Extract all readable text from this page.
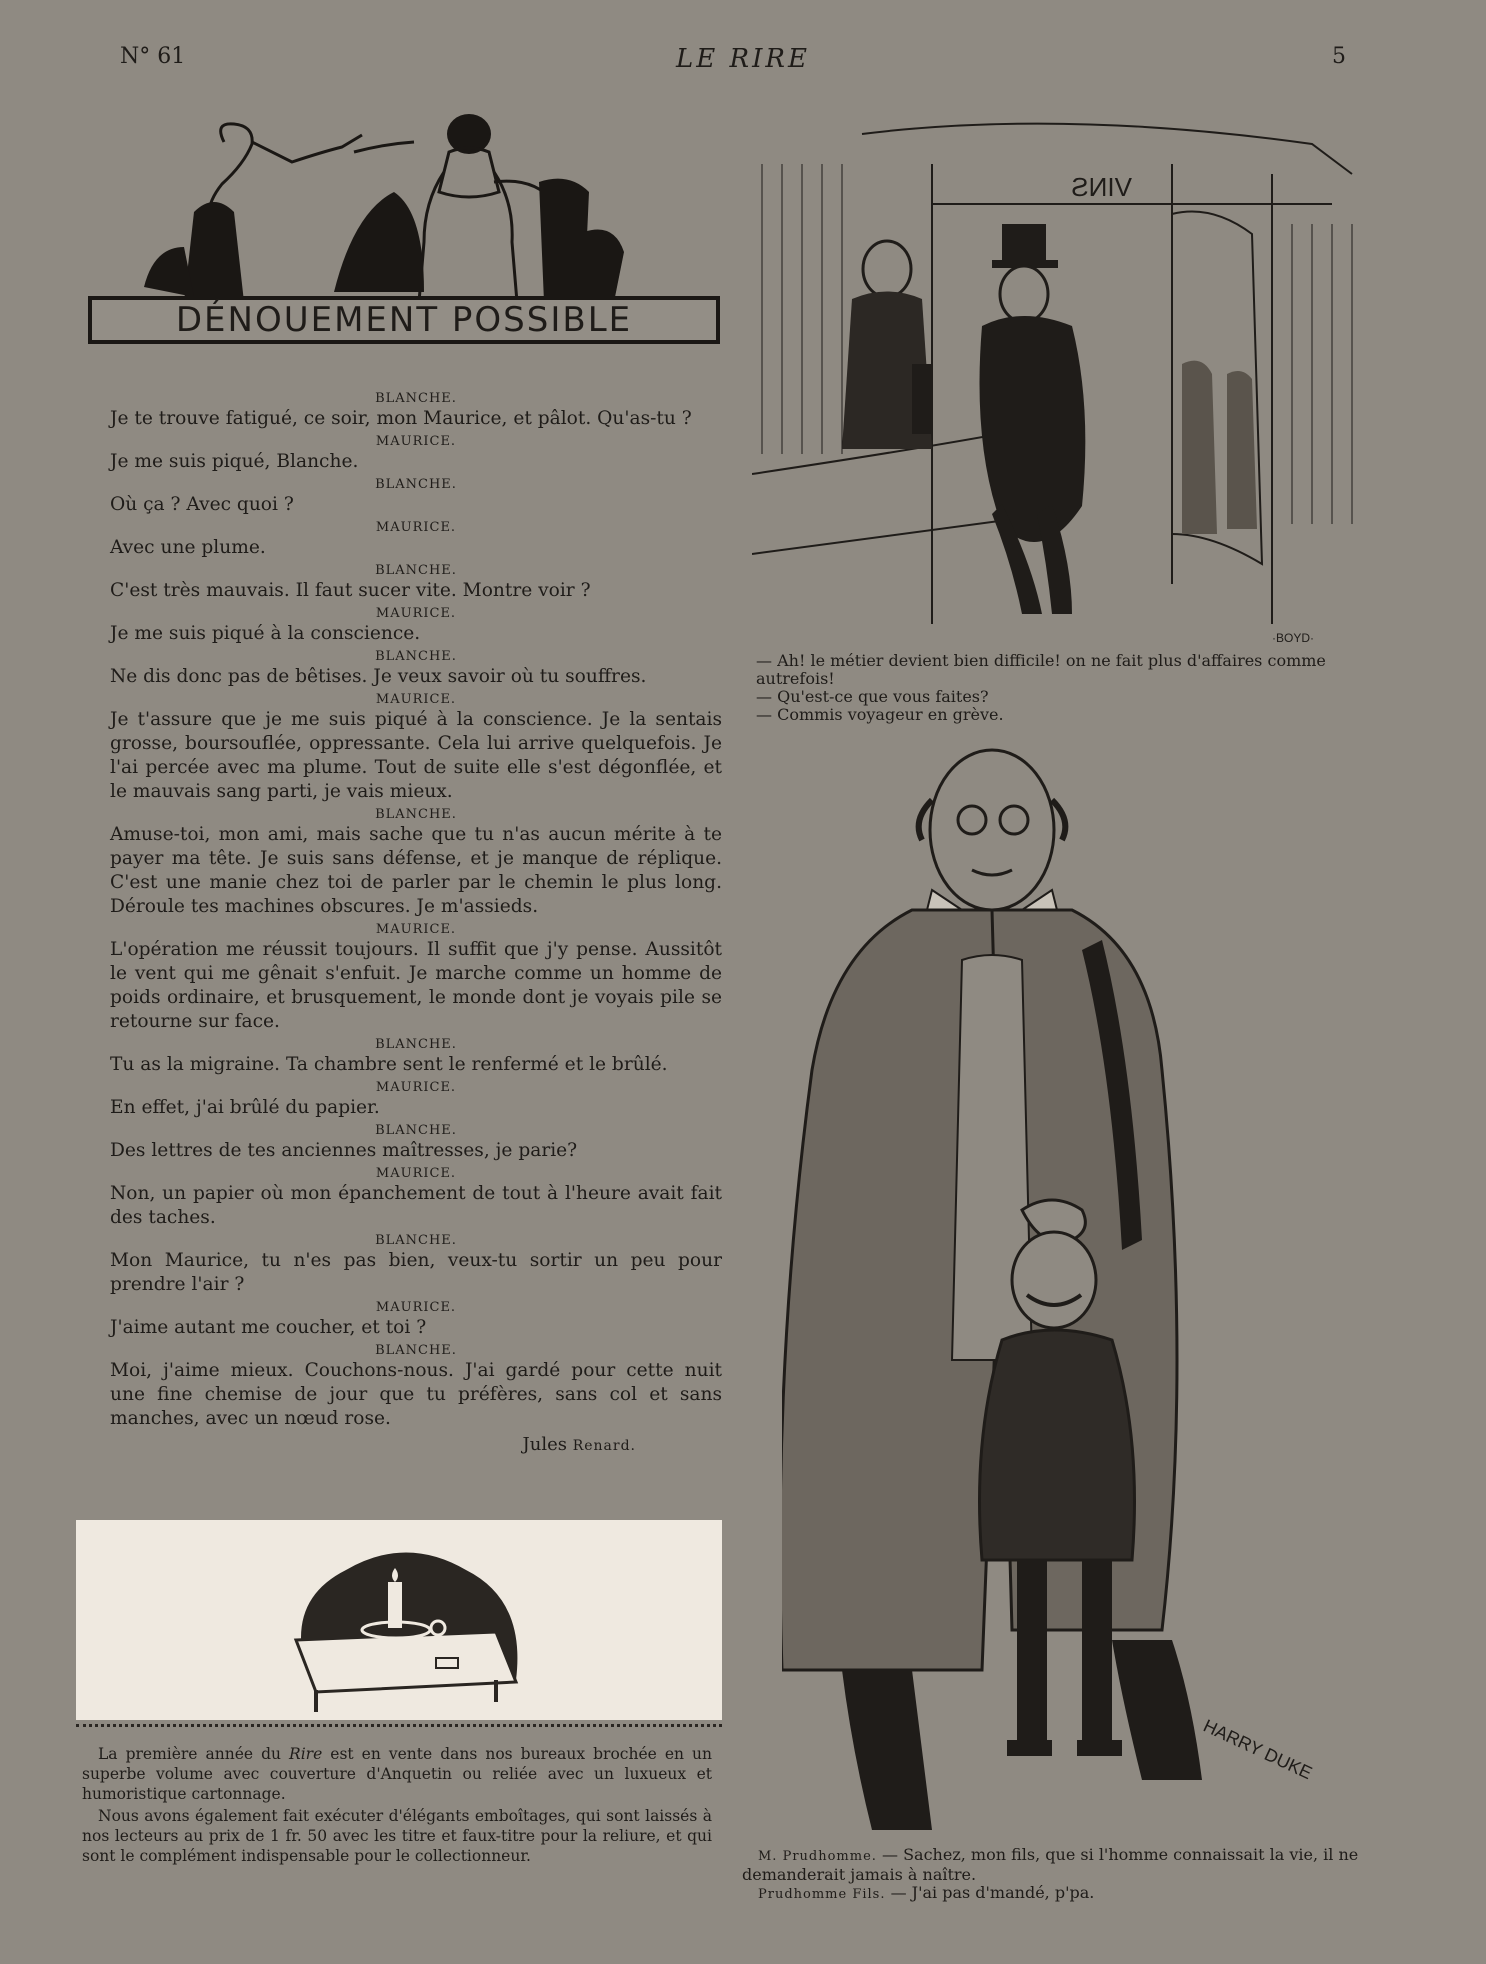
N° 61	LE RIRE	5
DÉNOUEMENT POSSIBLE
BLANCHE.

Je te trouve fatigué, ce soir, mon Maurice, et pâlot. Qu'as-tu ?

MAURICE.

Je me suis piqué, Blanche.

BLANCHE.

Où ça ? Avec quoi ?

MAURICE.

Avec une plume.

BLANCHE.

C'est très mauvais. Il faut sucer vite. Montre voir ?

MAURICE.

Je me suis piqué à la conscience.

BLANCHE.

Ne dis donc pas de bêtises. Je veux savoir où tu souffres.

MAURICE.

Je t'assure que je me suis piqué à la conscience. Je la sentais grosse, boursouflée, oppressante. Cela lui arrive quelquefois. Je l'ai percée avec ma plume. Tout de suite elle s'est dégonflée, et le mauvais sang parti, je vais mieux.

BLANCHE.

Amuse-toi, mon ami, mais sache que tu n'as aucun mérite à te payer ma tête. Je suis sans défense, et je manque de réplique. C'est une manie chez toi de parler par le chemin le plus long. Déroule tes machines obscures. Je m'assieds.

MAURICE.

L'opération me réussit toujours. Il suffit que j'y pense. Aussitôt le vent qui me gênait s'enfuit. Je marche comme un homme de poids ordinaire, et brusquement, le monde dont je voyais pile se retourne sur face.

BLANCHE.

Tu as la migraine. Ta chambre sent le renfermé et le brûlé.

MAURICE.

En effet, j'ai brûlé du papier.

BLANCHE.

Des lettres de tes anciennes maîtresses, je parie?

MAURICE.

Non, un papier où mon épanchement de tout à l'heure avait fait des taches.

BLANCHE.

Mon Maurice, tu n'es pas bien, veux-tu sortir un peu pour prendre l'air ?

MAURICE.

J'aime autant me coucher, et toi ?

BLANCHE.

Moi, j'aime mieux. Couchons-nous. J'ai gardé pour cette nuit une fine chemise de jour que tu préfères, sans col et sans manches, avec un nœud rose.

Jules Renard.

La première année du Rire est en vente dans nos bureaux brochée en un superbe volume avec couverture d'Anquetin ou reliée avec un luxueux et humoristique cartonnage.

Nous avons également fait exécuter d'élégants emboîtages, qui sont laissés à nos lecteurs au prix de 1 fr. 50 avec les titre et faux-titre pour la reliure, et qui sont le complément indispensable pour le collectionneur.

VINS
·BOYD·

— Ah! le métier devient bien difficile! on ne fait plus d'affaires comme autrefois!

— Qu'est-ce que vous faites?

— Commis voyageur en grève.

HARRY DUKE

M. Prudhomme. — Sachez, mon fils, que si l'homme connaissait la vie, il ne demanderait jamais à naître.

Prudhomme Fils. — J'ai pas d'mandé, p'pa.
